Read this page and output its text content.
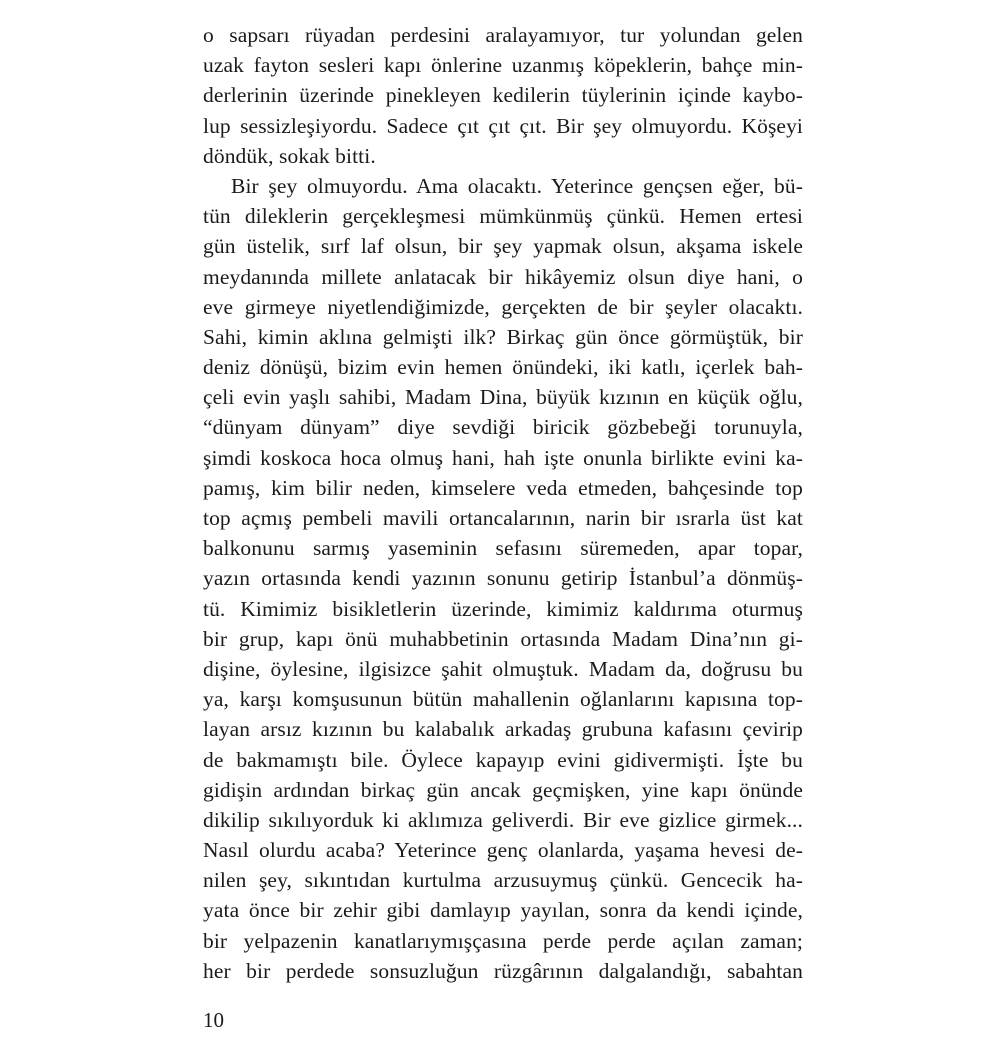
o sapsarı rüyadan perdesini aralayamıyor, tur yolundan gelen
uzak fayton sesleri kapı önlerine uzanmış köpeklerin, bahçe min-
derlerinin üzerinde pinekleyen kedilerin tüylerinin içinde kaybo-
lup sessizleşiyordu. Sadece çıt çıt çıt. Bir şey olmuyordu. Köşeyi
döndük, sokak bitti.
Bir şey olmuyordu. Ama olacaktı. Yeterince gençsen eğer, bü-
tün dileklerin gerçekleşmesi mümkünmüş çünkü. Hemen ertesi
gün üstelik, sırf laf olsun, bir şey yapmak olsun, akşama iskele
meydanında millete anlatacak bir hikâyemiz olsun diye hani, o
eve girmeye niyetlendiğimizde, gerçekten de bir şeyler olacaktı.
Sahi, kimin aklına gelmişti ilk? Birkaç gün önce görmüştük, bir
deniz dönüşü, bizim evin hemen önündeki, iki katlı, içerlek bah-
çeli evin yaşlı sahibi, Madam Dina, büyük kızının en küçük oğlu,
“dünyam dünyam” diye sevdiği biricik gözbebeği torunuyla,
şimdi koskoca hoca olmuş hani, hah işte onunla birlikte evini ka-
pamış, kim bilir neden, kimselere veda etmeden, bahçesinde top
top açmış pembeli mavili ortancalarının, narin bir ısrarla üst kat
balkonunu sarmış yaseminin sefasını süremeden, apar topar,
yazın ortasında kendi yazının sonunu getirip İstanbul’a dönmüş-
tü. Kimimiz bisikletlerin üzerinde, kimimiz kaldırıma oturmuş
bir grup, kapı önü muhabbetinin ortasında Madam Dina’nın gi-
dişine, öylesine, ilgisizce şahit olmuştuk. Madam da, doğrusu bu
ya, karşı komşusunun bütün mahallenin oğlanlarını kapısına top-
layan arsız kızının bu kalabalık arkadaş grubuna kafasını çevirip
de bakmamıştı bile. Öylece kapayıp evini gidivermişti. İşte bu
gidişin ardından birkaç gün ancak geçmişken, yine kapı önünde
dikilip sıkılıyorduk ki aklımıza geliverdi. Bir eve gizlice girmek...
Nasıl olurdu acaba? Yeterince genç olanlarda, yaşama hevesi de-
nilen şey, sıkıntıdan kurtulma arzusuymuş çünkü. Gencecik ha-
yata önce bir zehir gibi damlayıp yayılan, sonra da kendi içinde,
bir yelpazenin kanatlarıymışçasına perde perde açılan zaman;
her bir perdede sonsuzluğun rüzgârının dalgalandığı, sabahtan
10
